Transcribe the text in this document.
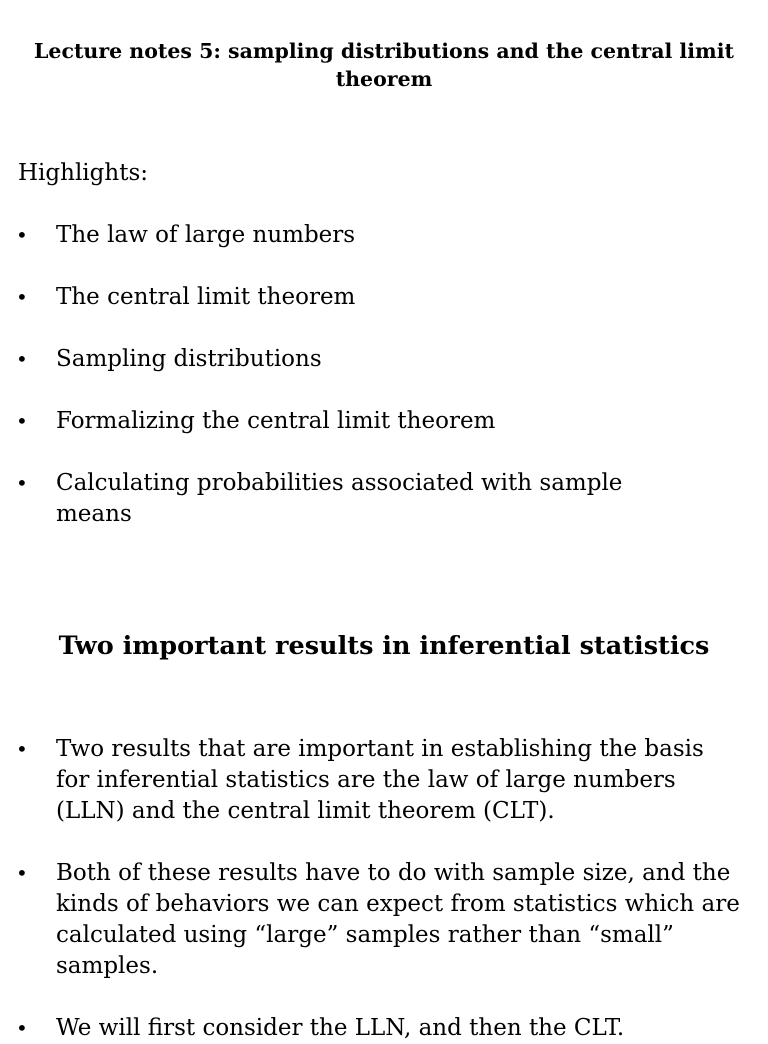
Lecture notes 5: sampling distributions and the central limit theorem

Highlights:

• The law of large numbers
• The central limit theorem
• Sampling distributions
• Formalizing the central limit theorem
• Calculating probabilities associated with sample means
Two important results in inferential statistics
• Two results that are important in establishing the basis for inferential statistics are the law of large numbers (LLN) and the central limit theorem (CLT).
• Both of these results have to do with sample size, and the kinds of behaviors we can expect from statistics which are calculated using “large” samples rather than “small” samples.
• We will first consider the LLN, and then the CLT.
